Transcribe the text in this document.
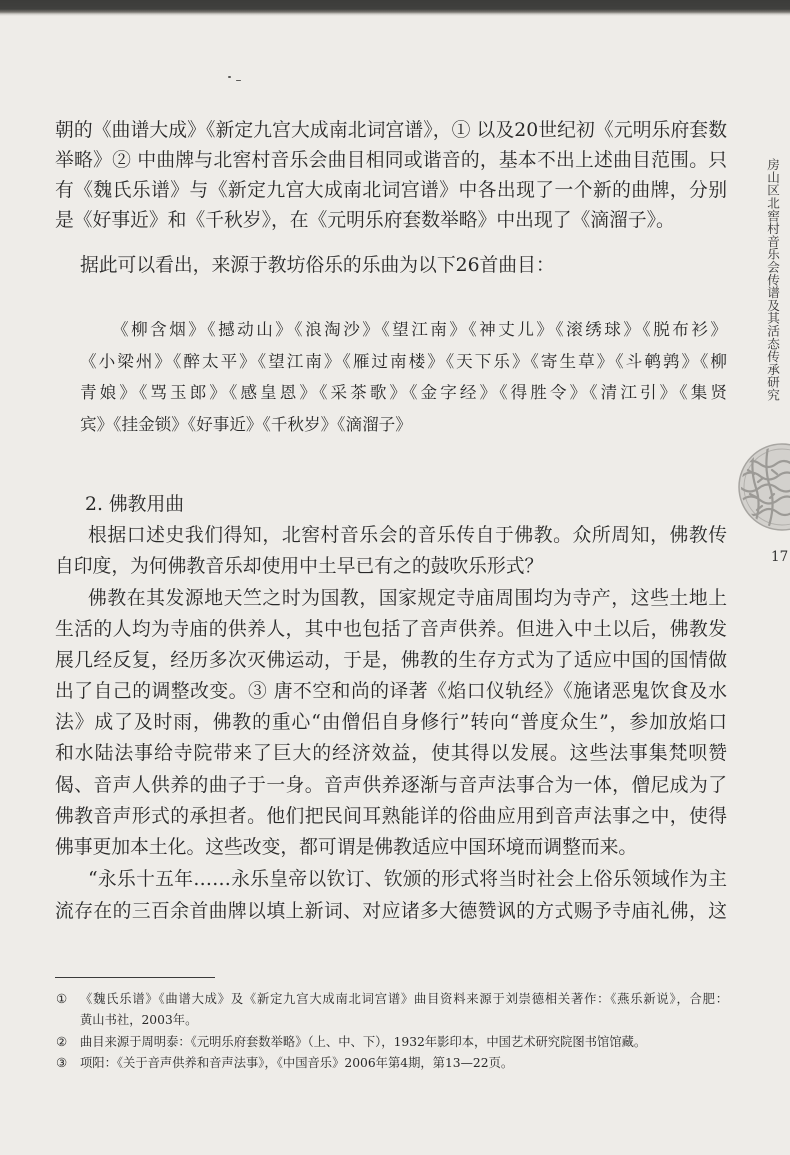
朝的《曲谱大成》《新定九宫大成南北词宫谱》，① 以及20世纪初《元明乐府套数
举略》② 中曲牌与北窖村音乐会曲目相同或谐音的，基本不出上述曲目范围。只
有《魏氏乐谱》与《新定九宫大成南北词宫谱》中各出现了一个新的曲牌，分别
是《好事近》和《千秋岁》，在《元明乐府套数举略》中出现了《滴溜子》。
据此可以看出，来源于教坊俗乐的乐曲为以下26首曲目：
《柳含烟》《撼动山》《浪淘沙》《望江南》《神丈儿》《滚绣球》《脱布衫》
《小梁州》《醉太平》《望江南》《雁过南楼》《天下乐》《寄生草》《斗鹌鹑》《柳
青娘》《骂玉郎》《感皇恩》《采茶歌》《金字经》《得胜令》《清江引》《集贤
宾》《挂金锁》《好事近》《千秋岁》《滴溜子》
2. 佛教用曲
根据口述史我们得知，北窖村音乐会的音乐传自于佛教。众所周知，佛教传
自印度，为何佛教音乐却使用中土早已有之的鼓吹乐形式？
佛教在其发源地天竺之时为国教，国家规定寺庙周围均为寺产，这些土地上
生活的人均为寺庙的供养人，其中也包括了音声供养。但进入中土以后，佛教发
展几经反复，经历多次灭佛运动，于是，佛教的生存方式为了适应中国的国情做
出了自己的调整改变。③ 唐不空和尚的译著《焰口仪轨经》《施诸恶鬼饮食及水
法》成了及时雨，佛教的重心“由僧侣自身修行”转向“普度众生”，参加放焰口
和水陆法事给寺院带来了巨大的经济效益，使其得以发展。这些法事集梵呗赞
偈、音声人供养的曲子于一身。音声供养逐渐与音声法事合为一体，僧尼成为了
佛教音声形式的承担者。他们把民间耳熟能详的俗曲应用到音声法事之中，使得
佛事更加本土化。这些改变，都可谓是佛教适应中国环境而调整而来。
“永乐十五年……永乐皇帝以钦订、钦颁的形式将当时社会上俗乐领域作为主
流存在的三百余首曲牌以填上新词、对应诸多大德赞讽的方式赐予寺庙礼佛，这
① 《魏氏乐谱》《曲谱大成》及《新定九宫大成南北词宫谱》曲目资料来源于刘崇德相关著作：《燕乐新说》，合肥：
黄山书社，2003年。
② 曲目来源于周明泰：《元明乐府套数举略》（上、中、下），1932年影印本，中国艺术研究院图书馆馆藏。
③ 项阳：《关于音声供养和音声法事》，《中国音乐》2006年第4期，第13—22页。
房山区北窖村音乐会传谱及其活态传承研究
17
